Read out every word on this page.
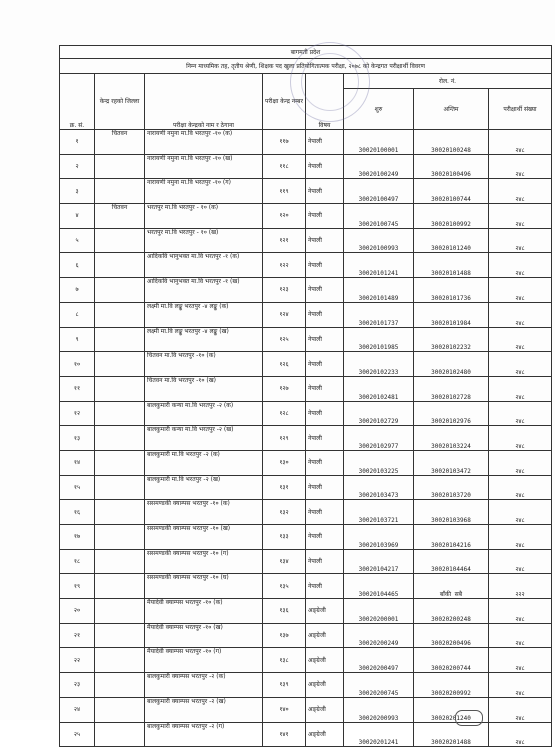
बागमती प्रदेश							
निम्न माध्यमिक तह, तृतीय श्रेणी, शिक्षक पद खुला प्रतियोगितात्मक परीक्षा, २०७८ को केन्द्रगत परीक्षार्थी विवरण							
क्र. सं.	केन्द्र रहको जिल्ला	परीक्षा केन्द्रको नाम र ठेगाना	परीक्षा केन्द्र नम्बर	विषय	रोल. नं.		
					शुरु	अन्तिम	परीक्षार्थी संख्या
१	चितवन	नारायणी नमुना मा.वि भरतपुर -१० (क)	११७	नेपाली	30020100001	30020100248	२४८
२		नारायणी नमुना मा.वि भरतपुर -१० (ख)	११८	नेपाली	30020100249	30020100496	२४८
३		नारायणी नमुना मा.वि भरतपुर -१० (ग)	११९	नेपाली	30020100497	30020100744	२४८
४	चितवन	भरतपुर मा.वि भरतपुर - १० (क)	१२०	नेपाली	30020100745	30020100992	२४८
५		भरतपुर मा.वि भरतपुर - १० (ख)	१२१	नेपाली	30020100993	30020101240	२४८
६		आदिकवि भानुभक्त मा.वि भरतपुर -१ (क)	१२२	नेपाली	30020101241	30020101488	२४८
७		आदिकवि भानुभक्त मा.वि भरतपुर -१ (ख)	१२३	नेपाली	30020101489	30020101736	२४८
८		लक्ष्मी मा.वि लङ्कू भरतपुर -४ लङ्कू (क)	१२४	नेपाली	30020101737	30020101984	२४८
९		लक्ष्मी मा.वि लङ्कू भरतपुर -४ लङ्कू (ख)	१२५	नेपाली	30020101985	30020102232	२४८
१०		चितवन मा.वि भरतपुर -१० (क)	१२६	नेपाली	30020102233	30020102480	२४८
११		चितवन मा.वि भरतपुर -१० (ख)	१२७	नेपाली	30020102481	30020102728	२४८
१२		बालकुमारी कन्या मा.वि भरतपुर -२ (क)	१२८	नेपाली	30020102729	30020102976	२४८
१३		बालकुमारी कन्या मा.वि भरतपुर -२ (ख)	१२९	नेपाली	30020102977	30020103224	२४८
१४		बालकुमारी मा.वि भरतपुर -२ (क)	१३०	नेपाली	30020103225	30020103472	२४८
१५		बालकुमारी मा.वि भरतपुर -२ (ख)	१३१	नेपाली	30020103473	30020103720	२४८
१६		ससमण्डकी क्याम्पस भरतपुर -१० (क)	१३२	नेपाली	30020103721	30020103968	२४८
१७		ससमण्डकी क्याम्पस भरतपुर -१० (ख)	१३३	नेपाली	30020103969	30020104216	२४८
१८		ससमण्डकी क्याम्पस भरतपुर -१० (ग)	१३४	नेपाली	30020104217	30020104464	२४८
१९		ससमण्डकी क्याम्पस भरतपुर -१० (घ)	१३५	नेपाली	30020104465	बाँकी सबै	२२२
२०		मैयादेवी क्याम्पस भरतपुर -१० (क)	१३६	अङ्ग्रेजी	30020200001	30020200248	२४८
२१		मैयादेवी क्याम्पस भरतपुर -१० (ख)	१३७	अङ्ग्रेजी	30020200249	30020200496	२४८
२२		मैयादेवी क्याम्पस भरतपुर -१० (ग)	१३८	अङ्ग्रेजी	30020200497	30020200744	२४८
२३		बालकुमारी क्याम्पस भरतपुर -२ (क)	१३९	अङ्ग्रेजी	30020200745	30020200992	२४८
२४		बालकुमारी क्याम्पस भरतपुर -२ (ख)	१४०	अङ्ग्रेजी	30020200993	30020201240	२४८
२५		बालकुमारी क्याम्पस भरतपुर -२ (ग)	१४१	अङ्ग्रेजी	30020201241	30020201488	२४८
